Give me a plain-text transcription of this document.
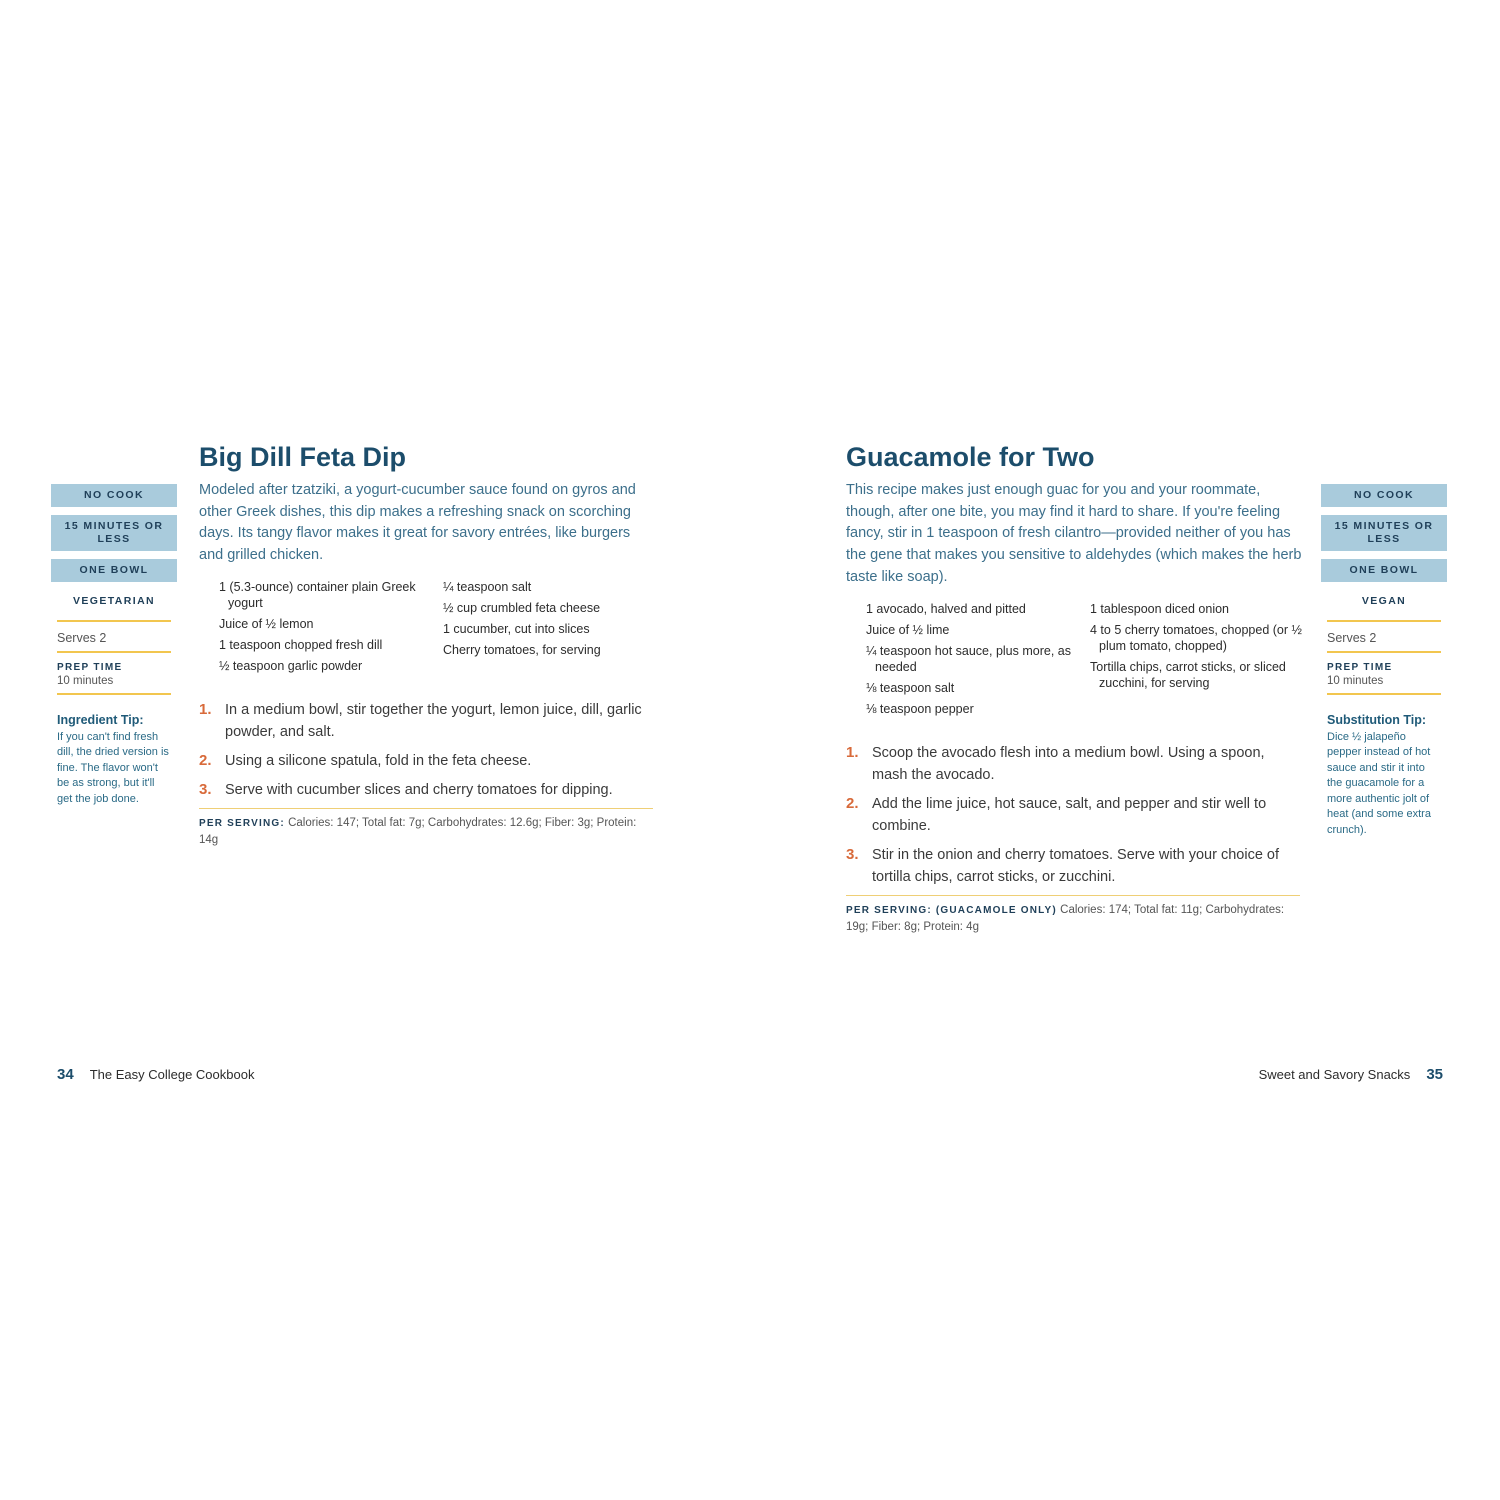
NO COOK
15 MINUTES OR LESS
ONE BOWL
VEGETARIAN
Serves 2
PREP TIME
10 minutes
Ingredient Tip:
If you can't find fresh dill, the dried version is fine. The flavor won't be as strong, but it'll get the job done.
Big Dill Feta Dip
Modeled after tzatziki, a yogurt-cucumber sauce found on gyros and other Greek dishes, this dip makes a refreshing snack on scorching days. Its tangy flavor makes it great for savory entrées, like burgers and grilled chicken.
1 (5.3-ounce) container plain Greek yogurt
Juice of ½ lemon
1 teaspoon chopped fresh dill
½ teaspoon garlic powder
¼ teaspoon salt
½ cup crumbled feta cheese
1 cucumber, cut into slices
Cherry tomatoes, for serving
1. In a medium bowl, stir together the yogurt, lemon juice, dill, garlic powder, and salt.
2. Using a silicone spatula, fold in the feta cheese.
3. Serve with cucumber slices and cherry tomatoes for dipping.
PER SERVING: Calories: 147; Total fat: 7g; Carbohydrates: 12.6g; Fiber: 3g; Protein: 14g
34 The Easy College Cookbook
Guacamole for Two
This recipe makes just enough guac for you and your roommate, though, after one bite, you may find it hard to share. If you're feeling fancy, stir in 1 teaspoon of fresh cilantro—provided neither of you has the gene that makes you sensitive to aldehydes (which makes the herb taste like soap).
1 avocado, halved and pitted
Juice of ½ lime
¼ teaspoon hot sauce, plus more, as needed
⅛ teaspoon salt
⅛ teaspoon pepper
1 tablespoon diced onion
4 to 5 cherry tomatoes, chopped (or ½ plum tomato, chopped)
Tortilla chips, carrot sticks, or sliced zucchini, for serving
1. Scoop the avocado flesh into a medium bowl. Using a spoon, mash the avocado.
2. Add the lime juice, hot sauce, salt, and pepper and stir well to combine.
3. Stir in the onion and cherry tomatoes. Serve with your choice of tortilla chips, carrot sticks, or zucchini.
PER SERVING: (GUACAMOLE ONLY) Calories: 174; Total fat: 11g; Carbohydrates: 19g; Fiber: 8g; Protein: 4g
NO COOK
15 MINUTES OR LESS
ONE BOWL
VEGAN
Serves 2
PREP TIME
10 minutes
Substitution Tip:
Dice ½ jalapeño pepper instead of hot sauce and stir it into the guacamole for a more authentic jolt of heat (and some extra crunch).
Sweet and Savory Snacks 35
